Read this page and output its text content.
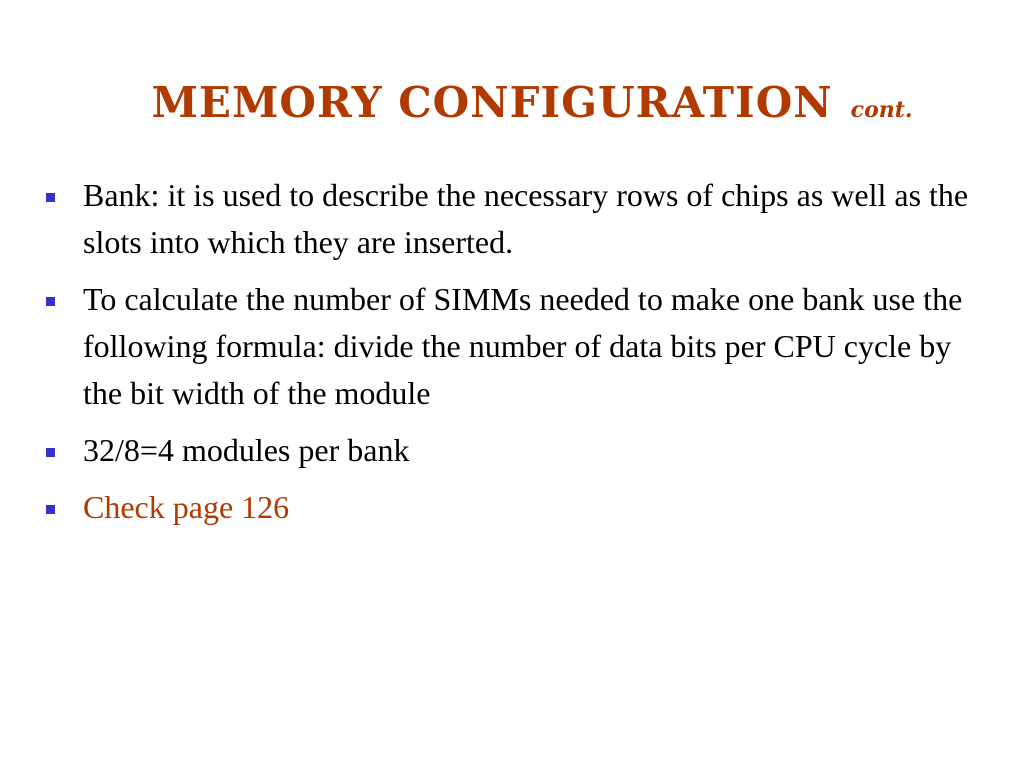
MEMORY CONFIGURATION cont.
Bank: it is used to describe the necessary rows of chips as well as the slots into which they are inserted.
To calculate the number of SIMMs needed to make one bank use the following formula: divide the number of data bits per CPU cycle by the bit width of the module
32/8=4 modules per bank
Check page 126
